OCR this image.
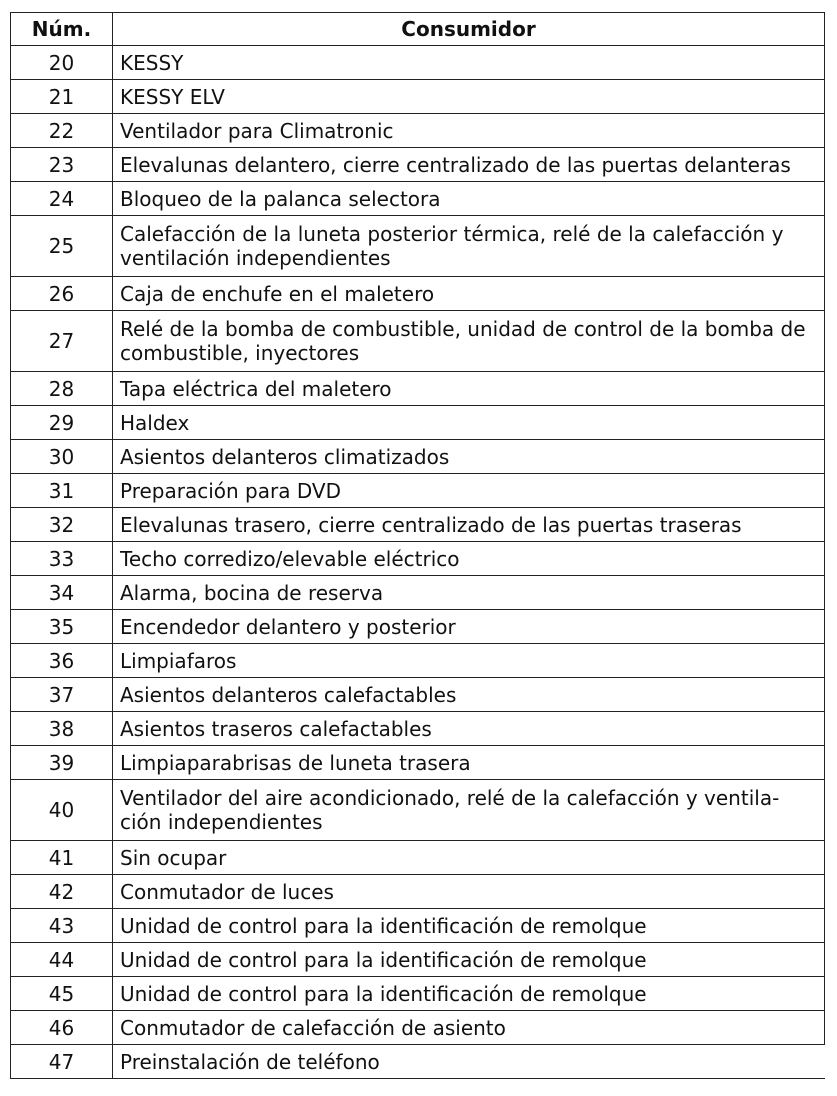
Núm.	Consumidor
20	KESSY
21	KESSY ELV
22	Ventilador para Climatronic
23	Elevalunas delantero, cierre centralizado de las puertas delanteras
24	Bloqueo de la palanca selectora
25	Calefacción de la luneta posterior térmica, relé de la calefacción y ventilación independientes
26	Caja de enchufe en el maletero
27	Relé de la bomba de combustible, unidad de control de la bomba de combustible, inyectores
28	Tapa eléctrica del maletero
29	Haldex
30	Asientos delanteros climatizados
31	Preparación para DVD
32	Elevalunas trasero, cierre centralizado de las puertas traseras
33	Techo corredizo/elevable eléctrico
34	Alarma, bocina de reserva
35	Encendedor delantero y posterior
36	Limpiafaros
37	Asientos delanteros calefactables
38	Asientos traseros calefactables
39	Limpiaparabrisas de luneta trasera
40	Ventilador del aire acondicionado, relé de la calefacción y ventila-ción independientes
41	Sin ocupar
42	Conmutador de luces
43	Unidad de control para la identificación de remolque
44	Unidad de control para la identificación de remolque
45	Unidad de control para la identificación de remolque
46	Conmutador de calefacción de asiento
47	Preinstalación de teléfono
